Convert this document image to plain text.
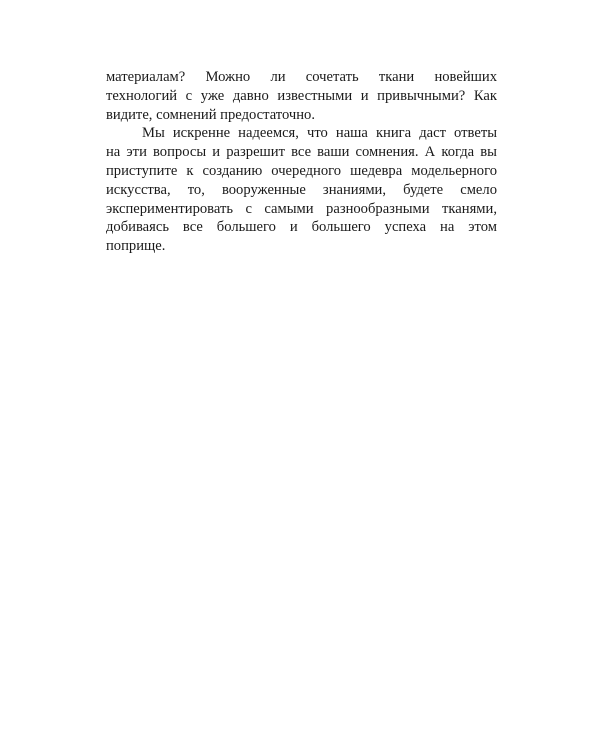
материалам? Можно ли сочетать ткани новейших
технологий с уже давно известными и привычными? Как
видите, сомнений предостаточно.
Мы искренне надеемся, что наша книга даст ответы
на эти вопросы и разрешит все ваши сомнения. А когда вы
приступите к созданию очередного шедевра модельерного
искусства, то, вооруженные знаниями, будете смело
экспериментировать с самыми разнообразными тканями,
добиваясь все большего и большего успеха на этом
поприще.
